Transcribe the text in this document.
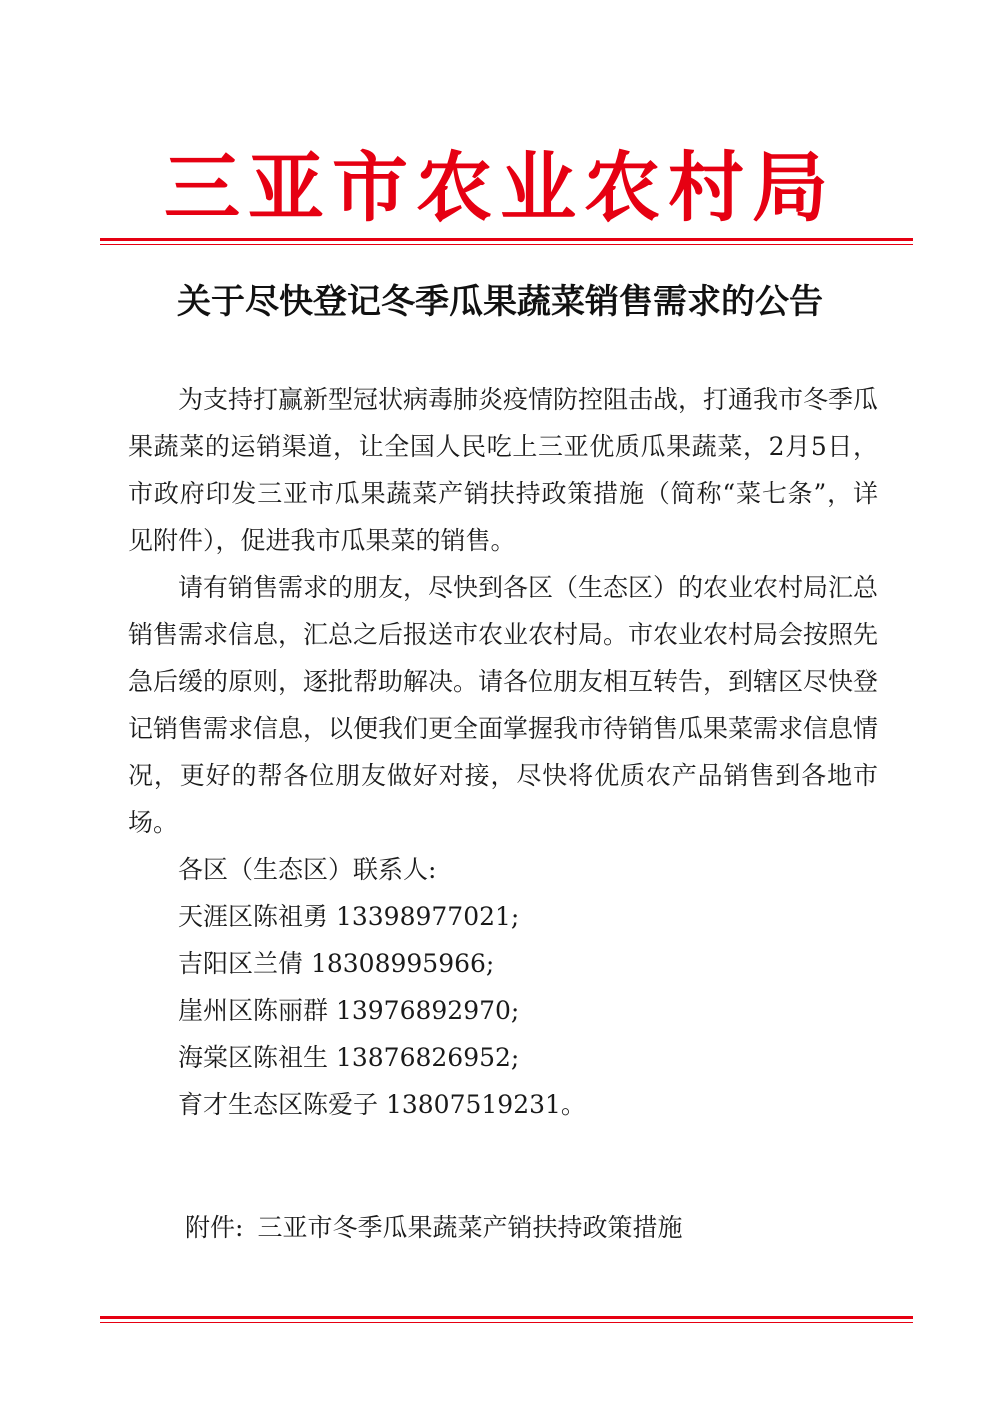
三亚市农业农村局
关于尽快登记冬季瓜果蔬菜销售需求的公告

为支持打赢新型冠状病毒肺炎疫情防控阻击战，打通我市冬季瓜果蔬菜的运销渠道，让全国人民吃上三亚优质瓜果蔬菜，2月5日，市政府印发三亚市瓜果蔬菜产销扶持政策措施（简称“菜七条”，详见附件），促进我市瓜果菜的销售。

请有销售需求的朋友，尽快到各区（生态区）的农业农村局汇总销售需求信息，汇总之后报送市农业农村局。市农业农村局会按照先急后缓的原则，逐批帮助解决。请各位朋友相互转告，到辖区尽快登记销售需求信息，以便我们更全面掌握我市待销售瓜果菜需求信息情况，更好的帮各位朋友做好对接，尽快将优质农产品销售到各地市场。

各区（生态区）联系人:

天涯区陈祖勇 13398977021;

吉阳区兰倩 18308995966;

崖州区陈丽群 13976892970;

海棠区陈祖生 13876826952;

育才生态区陈爱子 13807519231。

附件: 三亚市冬季瓜果蔬菜产销扶持政策措施
